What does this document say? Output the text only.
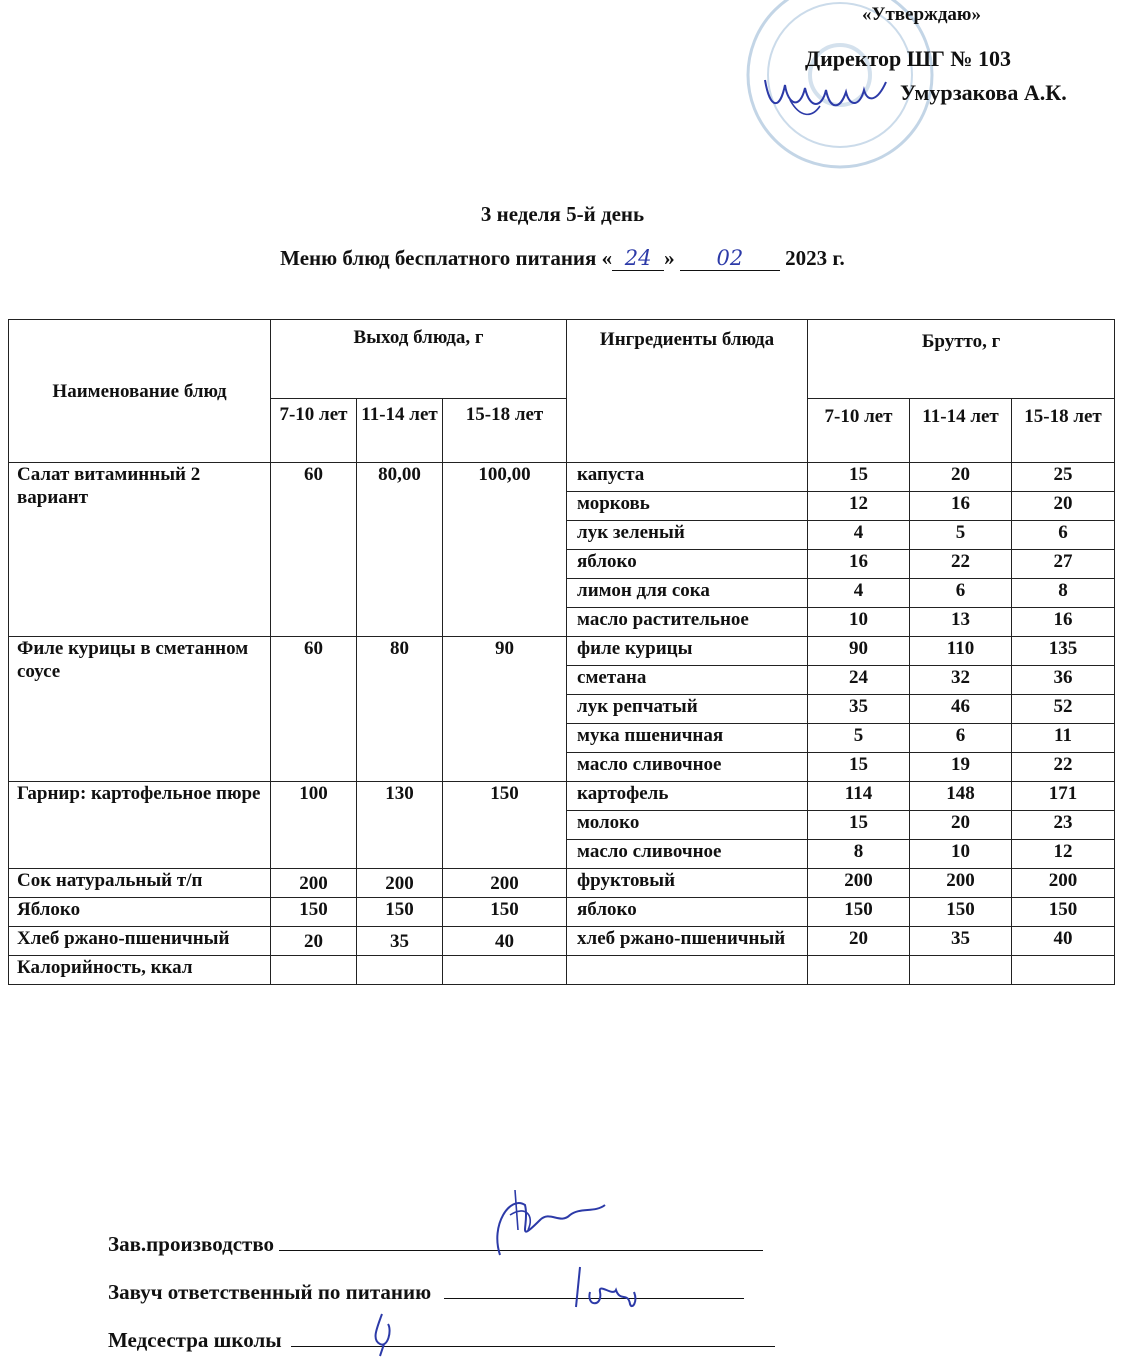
«Утверждаю»
Директор ШГ № 103
Умурзакова А.К.
3 неделя 5-й день
Меню блюд бесплатного питания « 24 » 02 2023 г.
Наименование блюд	Выход блюда, г			Ингредиенты блюда	Брутто, г		
	7-10 лет	11-14 лет	15-18 лет		7-10 лет	11-14 лет	15-18 лет
Салат витаминный 2 вариант	60	80,00	100,00	капуста	15	20	25
				морковь	12	16	20
				лук зеленый	4	5	6
				яблоко	16	22	27
				лимон для сока	4	6	8
				масло растительное	10	13	16
Филе курицы в сметанном соусе	60	80	90	филе курицы	90	110	135
				сметана	24	32	36
				лук репчатый	35	46	52
				мука пшеничная	5	6	11
				масло сливочное	15	19	22
Гарнир: картофельное пюре	100	130	150	картофель	114	148	171
				молоко	15	20	23
				масло сливочное	8	10	12
Сок натуральный т/п	200	200	200	фруктовый	200	200	200
Яблоко	150	150	150	яблоко	150	150	150
Хлеб ржано-пшеничный	20	35	40	хлеб ржано-пшеничный	20	35	40
Калорийность, ккал							
Зав.производство
Завуч ответственный по питанию
Медсестра школы
